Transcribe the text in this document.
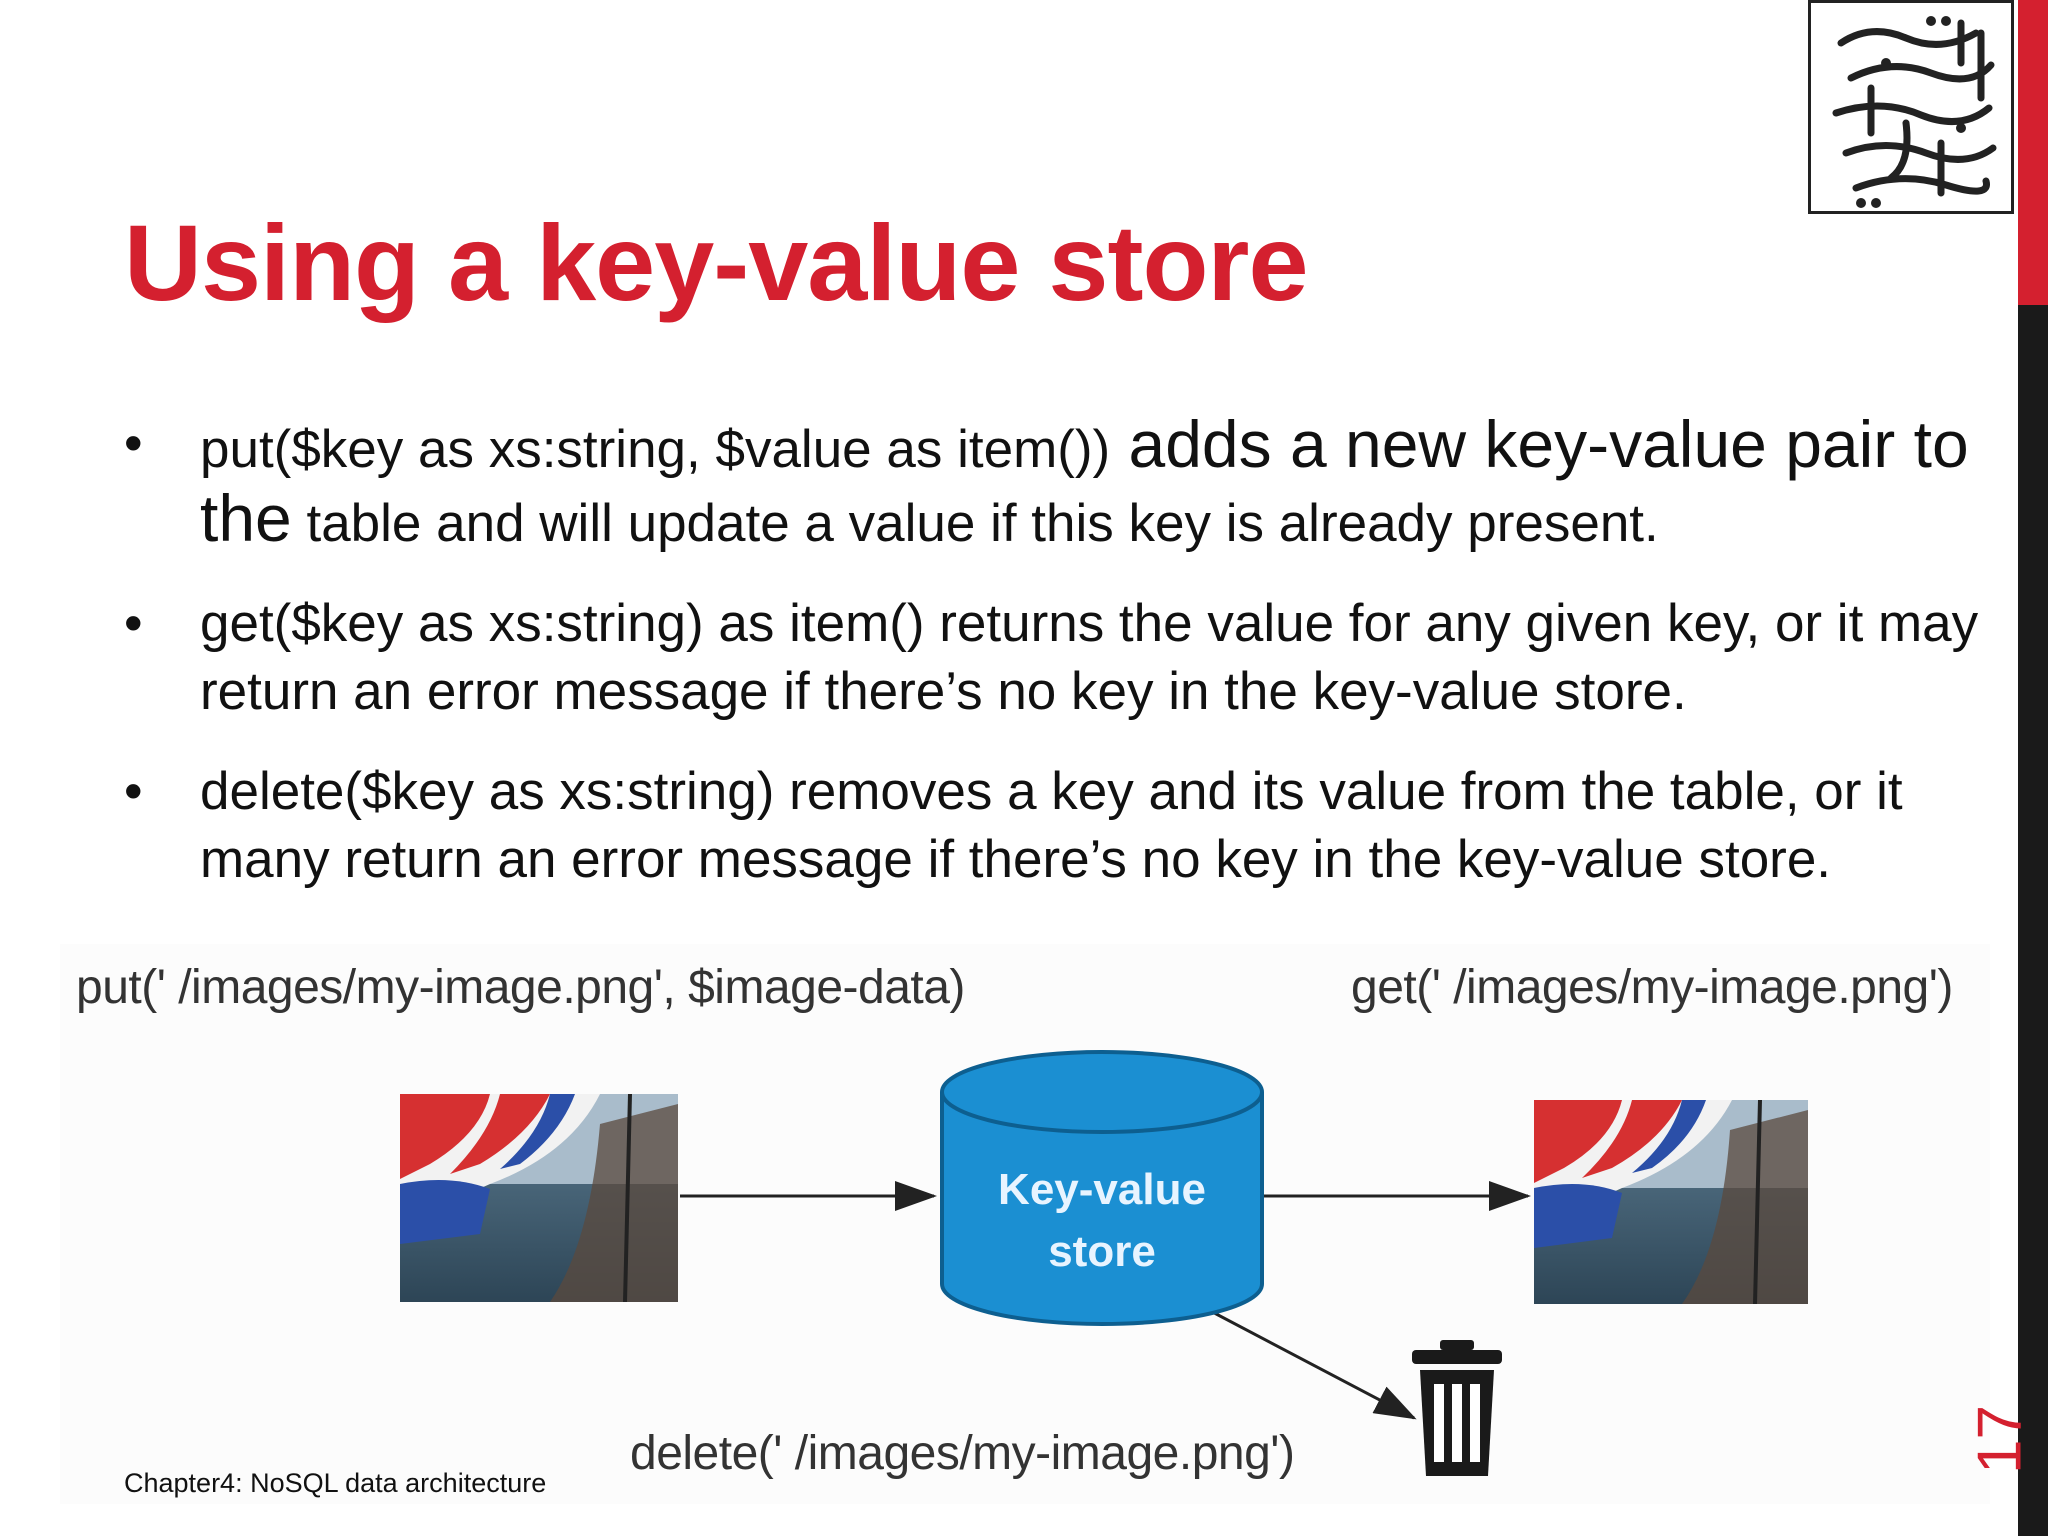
Using a key-value store
• put($key as xs:string, $value as item()) adds a new key-value pair to the table and will update a value if this key is already present.
• get($key as xs:string) as item() returns the value for any given key, or it may return an error message if there’s no key in the key-value store.
• delete($key as xs:string) removes a key and its value from the table, or it many return an error message if there’s no key in the key-value store.
put(' /images/my-image.png', $image-data)	get(' /images/my-image.png')
Key-value
store
delete(' /images/my-image.png')
Chapter4: NoSQL data architecture
17
